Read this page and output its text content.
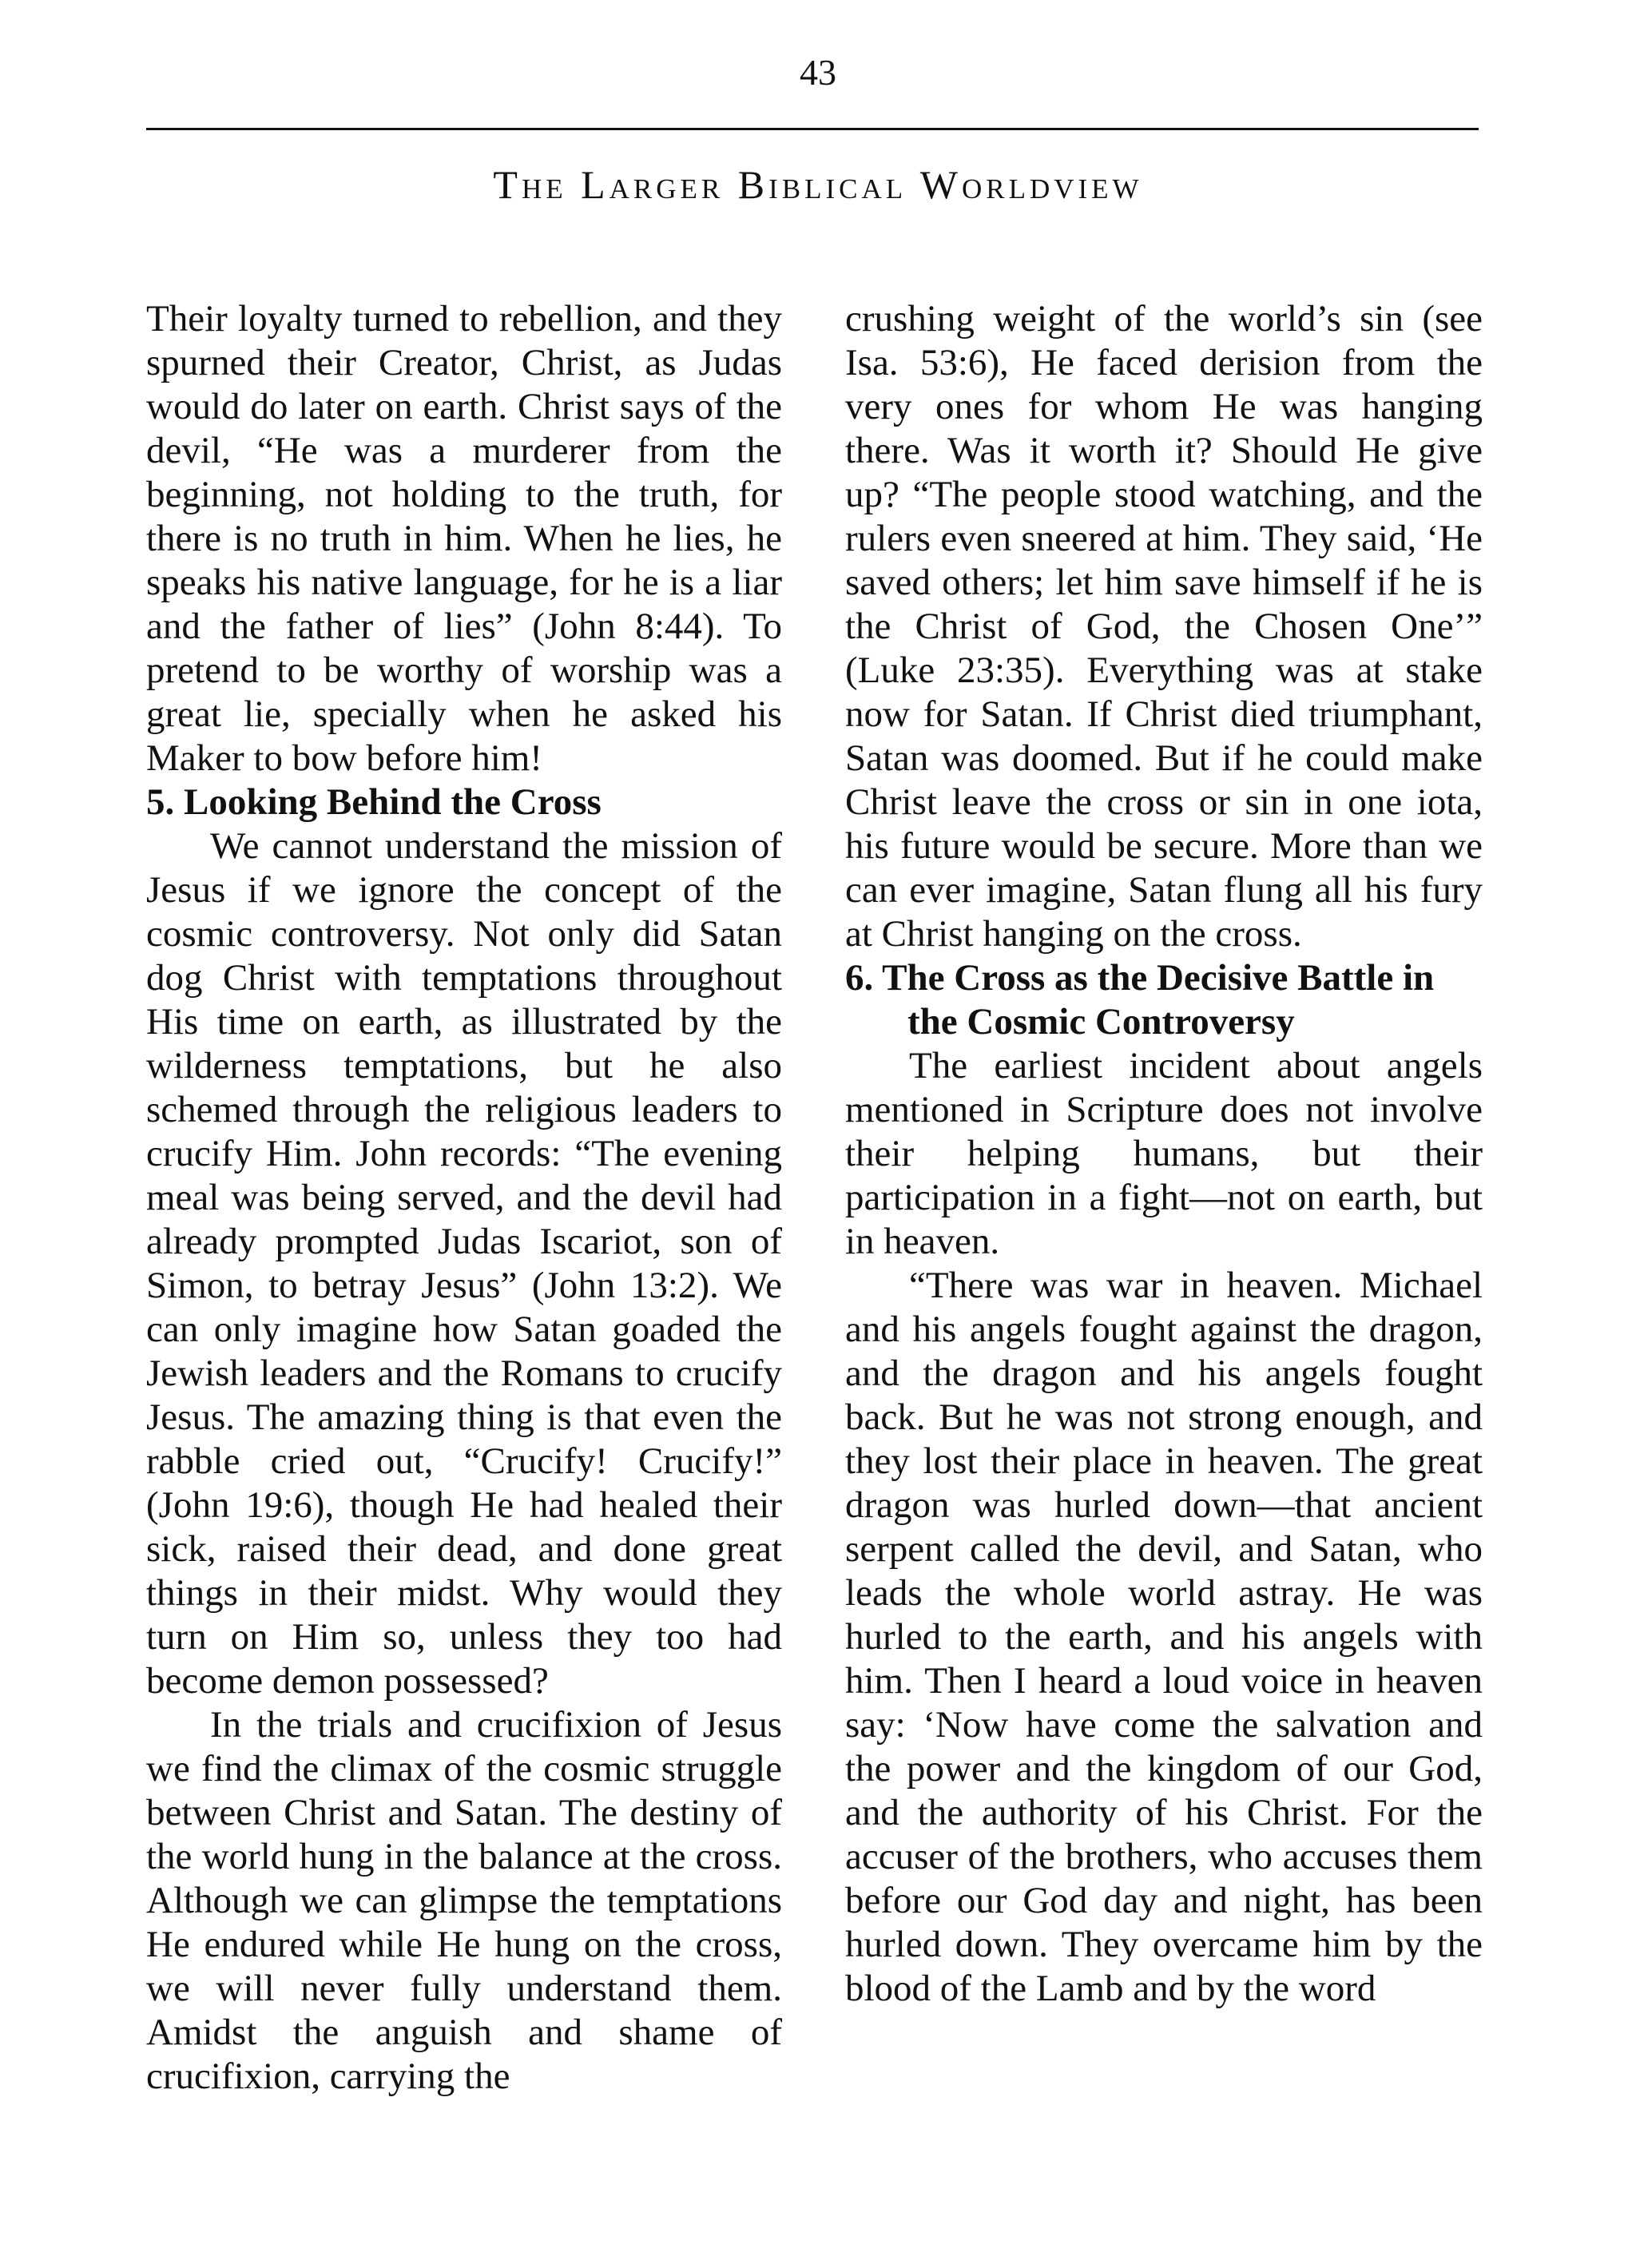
43
The Larger Biblical Worldview

Their loyalty turned to rebellion, and they spurned their Creator, Christ, as Judas would do later on earth. Christ says of the devil, “He was a murderer from the beginning, not holding to the truth, for there is no truth in him. When he lies, he speaks his native language, for he is a liar and the father of lies” (John 8:44). To pretend to be worthy of worship was a great lie, specially when he asked his Maker to bow before him!

5. Looking Behind the Cross

We cannot understand the mission of Jesus if we ignore the concept of the cosmic controversy. Not only did Satan dog Christ with temptations throughout His time on earth, as illustrated by the wilderness temptations, but he also schemed through the religious leaders to crucify Him. John records: “The evening meal was being served, and the devil had already prompted Judas Iscariot, son of Simon, to betray Jesus” (John 13:2). We can only imagine how Satan goaded the Jewish leaders and the Romans to crucify Jesus. The amazing thing is that even the rabble cried out, “Crucify! Crucify!” (John 19:6), though He had healed their sick, raised their dead, and done great things in their midst. Why would they turn on Him so, unless they too had become demon possessed?

In the trials and crucifixion of Jesus we find the climax of the cosmic struggle between Christ and Satan. The destiny of the world hung in the balance at the cross. Although we can glimpse the temptations He endured while He hung on the cross, we will never fully understand them. Amidst the anguish and shame of crucifixion, carrying the

crushing weight of the world’s sin (see Isa. 53:6), He faced derision from the very ones for whom He was hanging there. Was it worth it? Should He give up? “The people stood watching, and the rulers even sneered at him. They said, ‘He saved others; let him save himself if he is the Christ of God, the Chosen One’” (Luke 23:35). Everything was at stake now for Satan. If Christ died triumphant, Satan was doomed. But if he could make Christ leave the cross or sin in one iota, his future would be secure. More than we can ever imagine, Satan flung all his fury at Christ hanging on the cross.

6. The Cross as the Decisive Battle in the Cosmic Controversy

The earliest incident about angels mentioned in Scripture does not involve their helping humans, but their participation in a fight—not on earth, but in heaven.

“There was war in heaven. Michael and his angels fought against the dragon, and the dragon and his angels fought back. But he was not strong enough, and they lost their place in heaven. The great dragon was hurled down—that ancient serpent called the devil, and Satan, who leads the whole world astray. He was hurled to the earth, and his angels with him. Then I heard a loud voice in heaven say: ‘Now have come the salvation and the power and the kingdom of our God, and the authority of his Christ. For the accuser of the brothers, who accuses them before our God day and night, has been hurled down. They overcame him by the blood of the Lamb and by the word
